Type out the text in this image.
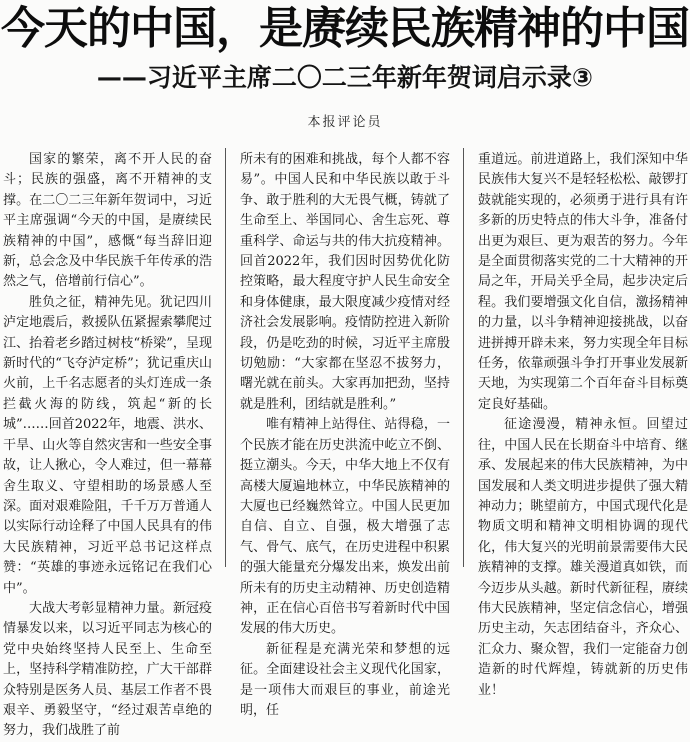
今天的中国，是赓续民族精神的中国
——习近平主席二〇二三年新年贺词启示录③
本报评论员

国家的繁荣，离不开人民的奋斗；民族的强盛，离不开精神的支撑。在二〇二三年新年贺词中，习近平主席强调“今天的中国，是赓续民族精神的中国”，感慨“每当辞旧迎新，总会念及中华民族千年传承的浩然之气，倍增前行信心”。

胜负之征，精神先见。犹记四川泸定地震后，救援队伍紧握索攀爬过江、抬着老乡踏过树枝“桥梁”，呈现新时代的“飞夺泸定桥”；犹记重庆山火前，上千名志愿者的头灯连成一条拦截火海的防线，筑起“新的长城”……回首2022年，地震、洪水、干旱、山火等自然灾害和一些安全事故，让人揪心，令人难过，但一幕幕舍生取义、守望相助的场景感人至深。面对艰难险阻，千千万万普通人以实际行动诠释了中国人民具有的伟大民族精神，习近平总书记这样点赞：“英雄的事迹永远铭记在我们心中”。

大战大考彰显精神力量。新冠疫情暴发以来，以习近平同志为核心的党中央始终坚持人民至上、生命至上，坚持科学精准防控，广大干部群众特别是医务人员、基层工作者不畏艰辛、勇毅坚守，“经过艰苦卓绝的努力，我们战胜了前

所未有的困难和挑战，每个人都不容易”。中国人民和中华民族以敢于斗争、敢于胜利的大无畏气概，铸就了生命至上、举国同心、舍生忘死、尊重科学、命运与共的伟大抗疫精神。回首2022年，我们因时因势优化防控策略，最大程度守护人民生命安全和身体健康，最大限度减少疫情对经济社会发展影响。疫情防控进入新阶段，仍是吃劲的时候，习近平主席殷切勉励：“大家都在坚忍不拔努力，曙光就在前头。大家再加把劲，坚持就是胜利，团结就是胜利。”

唯有精神上站得住、站得稳，一个民族才能在历史洪流中屹立不倒、挺立潮头。今天，中华大地上不仅有高楼大厦遍地林立，中华民族精神的大厦也已经巍然耸立。中国人民更加自信、自立、自强，极大增强了志气、骨气、底气，在历史进程中积累的强大能量充分爆发出来，焕发出前所未有的历史主动精神、历史创造精神，正在信心百倍书写着新时代中国发展的伟大历史。

新征程是充满光荣和梦想的远征。全面建设社会主义现代化国家，是一项伟大而艰巨的事业，前途光明，任

重道远。前进道路上，我们深知中华民族伟大复兴不是轻轻松松、敲锣打鼓就能实现的，必须勇于进行具有许多新的历史特点的伟大斗争，准备付出更为艰巨、更为艰苦的努力。今年是全面贯彻落实党的二十大精神的开局之年，开局关乎全局，起步决定后程。我们要增强文化自信，激扬精神的力量，以斗争精神迎接挑战，以奋进拼搏开辟未来，努力实现全年目标任务，依靠顽强斗争打开事业发展新天地，为实现第二个百年奋斗目标奠定良好基础。

征途漫漫，精神永恒。回望过往，中国人民在长期奋斗中培育、继承、发展起来的伟大民族精神，为中国发展和人类文明进步提供了强大精神动力；眺望前方，中国式现代化是物质文明和精神文明相协调的现代化，伟大复兴的光明前景需要伟大民族精神的支撑。雄关漫道真如铁，而今迈步从头越。新时代新征程，赓续伟大民族精神，坚定信念信心，增强历史主动，矢志团结奋斗，齐众心、汇众力、聚众智，我们一定能奋力创造新的时代辉煌，铸就新的历史伟业！
